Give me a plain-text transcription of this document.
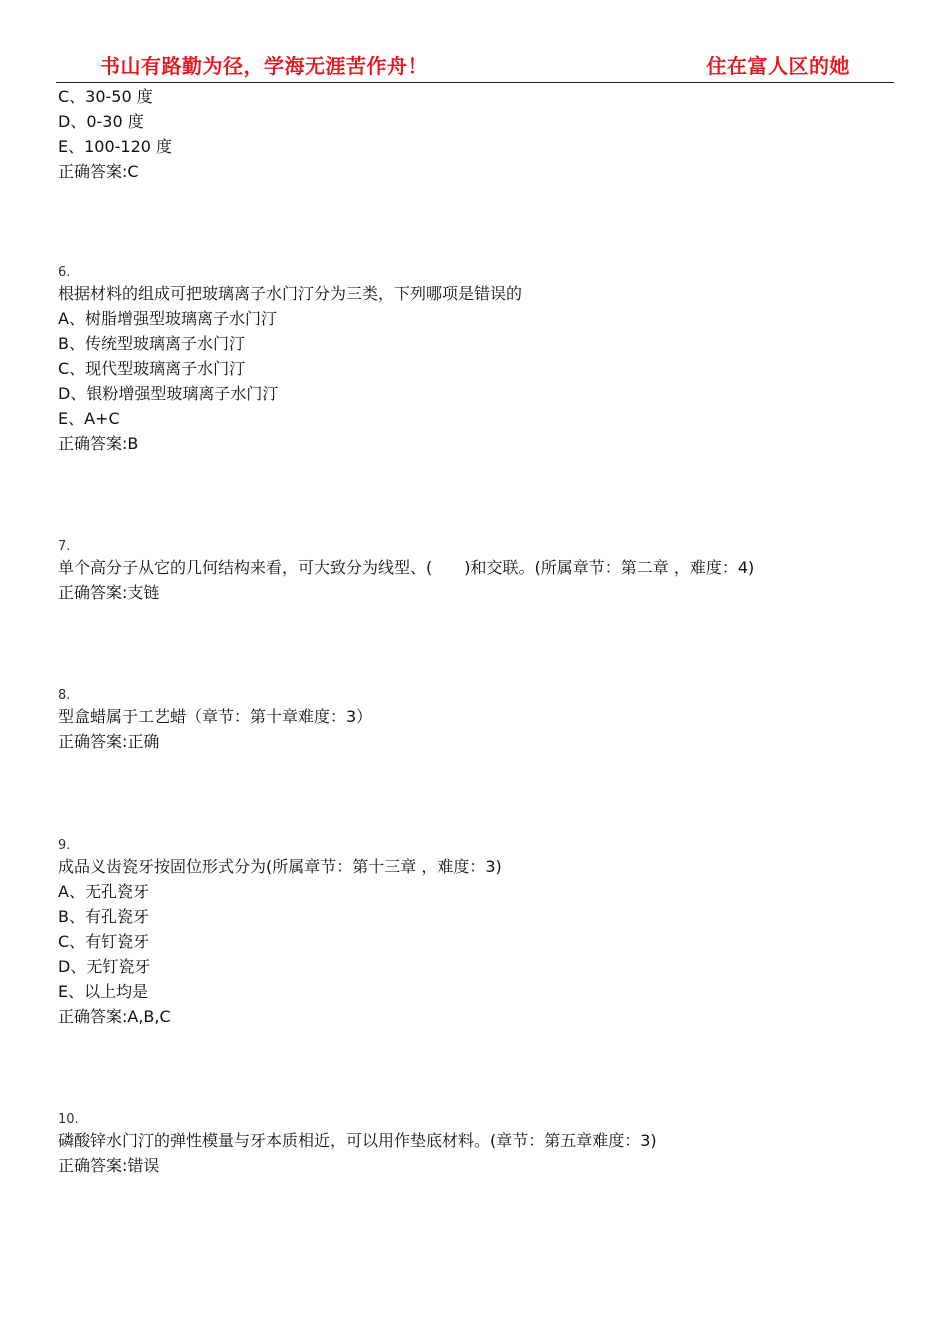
书山有路勤为径，学海无涯苦作舟！	住在富人区的她
C、30-50 度
D、0-30 度
E、100-120 度
正确答案:C
6.
根据材料的组成可把玻璃离子水门汀分为三类，下列哪项是错误的
A、树脂增强型玻璃离子水门汀
B、传统型玻璃离子水门汀
C、现代型玻璃离子水门汀
D、银粉增强型玻璃离子水门汀
E、A+C
正确答案:B
7.
单个高分子从它的几何结构来看，可大致分为线型、(　　)和交联。(所属章节：第二章 ，难度：4)
正确答案:支链
8.
型盒蜡属于工艺蜡（章节：第十章难度：3）
正确答案:正确
9.
成品义齿瓷牙按固位形式分为(所属章节：第十三章 ，难度：3)
A、无孔瓷牙
B、有孔瓷牙
C、有钉瓷牙
D、无钉瓷牙
E、以上均是
正确答案:A,B,C
10.
磷酸锌水门汀的弹性模量与牙本质相近，可以用作垫底材料。(章节：第五章难度：3)
正确答案:错误
